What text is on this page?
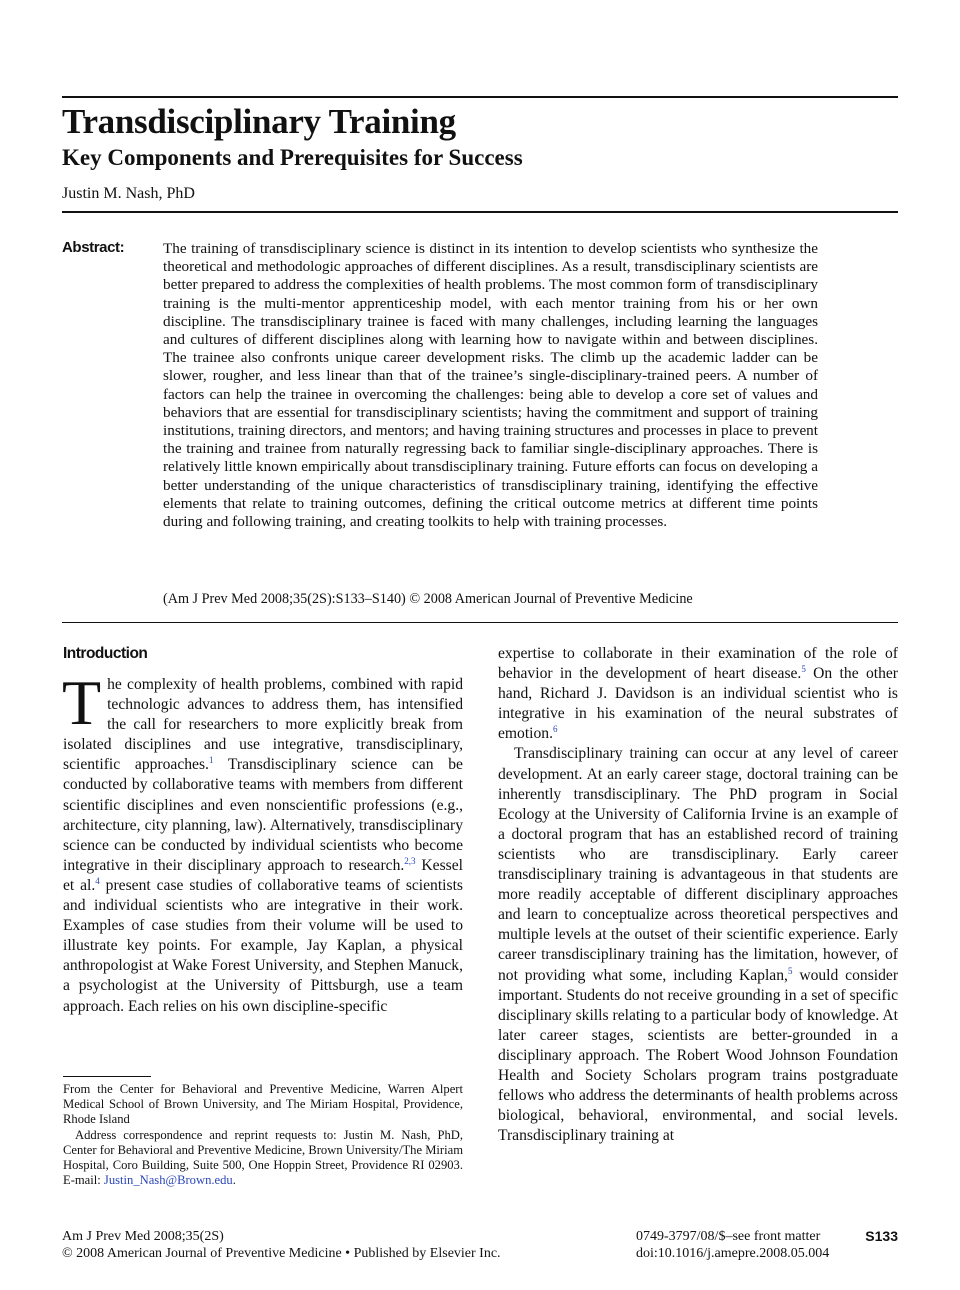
Transdisciplinary Training
Key Components and Prerequisites for Success
Justin M. Nash, PhD
Abstract:	The training of transdisciplinary science is distinct in its intention to develop scientists who synthesize the theoretical and methodologic approaches of different disciplines. As a result, transdisciplinary scientists are better prepared to address the complexities of health problems. The most common form of transdisciplinary training is the multi-mentor apprenticeship model, with each mentor training from his or her own discipline. The transdisciplinary trainee is faced with many challenges, including learning the languages and cultures of different disciplines along with learning how to navigate within and between disciplines. The trainee also confronts unique career development risks. The climb up the academic ladder can be slower, rougher, and less linear than that of the trainee’s single-disciplinary-trained peers. A number of factors can help the trainee in overcoming the challenges: being able to develop a core set of values and behaviors that are essential for transdisciplinary scientists; having the commitment and support of training institutions, training directors, and mentors; and having training structures and processes in place to prevent the training and trainee from naturally regressing back to familiar single-disciplinary approaches. There is relatively little known empirically about transdisciplinary training. Future efforts can focus on developing a better understanding of the unique characteristics of transdisciplinary training, identifying the effective elements that relate to training outcomes, defining the critical outcome metrics at different time points during and following training, and creating toolkits to help with training processes.

(Am J Prev Med 2008;35(2S):S133–S140) © 2008 American Journal of Preventive Medicine
Introduction

The complexity of health problems, combined with rapid technologic advances to address them, has intensified the call for researchers to more explicitly break from isolated disciplines and use integrative, transdisciplinary, scientific approaches.$^1$ Transdisciplinary science can be conducted by collaborative teams with members from different scientific disciplines and even nonscientific professions (e.g., architecture, city planning, law). Alternatively, transdisciplinary science can be conducted by individual scientists who become integrative in their disciplinary approach to research.$^{2,3}$ Kessel et al.$^4$ present case studies of collaborative teams of scientists and individual scientists who are integrative in their work. Examples of case studies from their volume will be used to illustrate key points. For example, Jay Kaplan, a physical anthropologist at Wake Forest University, and Stephen Manuck, a psychologist at the University of Pittsburgh, use a team approach. Each relies on his own discipline-specific

From the Center for Behavioral and Preventive Medicine, Warren Alpert Medical School of Brown University, and The Miriam Hospital, Providence, Rhode Island

Address correspondence and reprint requests to: Justin M. Nash, PhD, Center for Behavioral and Preventive Medicine, Brown University/The Miriam Hospital, Coro Building, Suite 500, One Hoppin Street, Providence RI 02903. E-mail: Justin_Nash@Brown.edu.

expertise to collaborate in their examination of the role of behavior in the development of heart disease.$^5$ On the other hand, Richard J. Davidson is an individual scientist who is integrative in his examination of the neural substrates of emotion.$^6$

Transdisciplinary training can occur at any level of career development. At an early career stage, doctoral training can be inherently transdisciplinary. The PhD program in Social Ecology at the University of California Irvine is an example of a doctoral program that has an established record of training scientists who are transdisciplinary. Early career transdisciplinary training is advantageous in that students are more readily acceptable of different disciplinary approaches and learn to conceptualize across theoretical perspectives and multiple levels at the outset of their scientific experience. Early career transdisciplinary training has the limitation, however, of not providing what some, including Kaplan,$^5$ would consider important. Students do not receive grounding in a set of specific disciplinary skills relating to a particular body of knowledge. At later career stages, scientists are better-grounded in a disciplinary approach. The Robert Wood Johnson Foundation Health and Society Scholars program trains postgraduate fellows who address the determinants of health problems across biological, behavioral, environmental, and social levels. Transdisciplinary training at

Am J Prev Med 2008;35(2S)
© 2008 American Journal of Preventive Medicine • Published by Elsevier Inc.
0749-3797/08/$–see front matter
doi:10.1016/j.amepre.2008.05.004
S133
